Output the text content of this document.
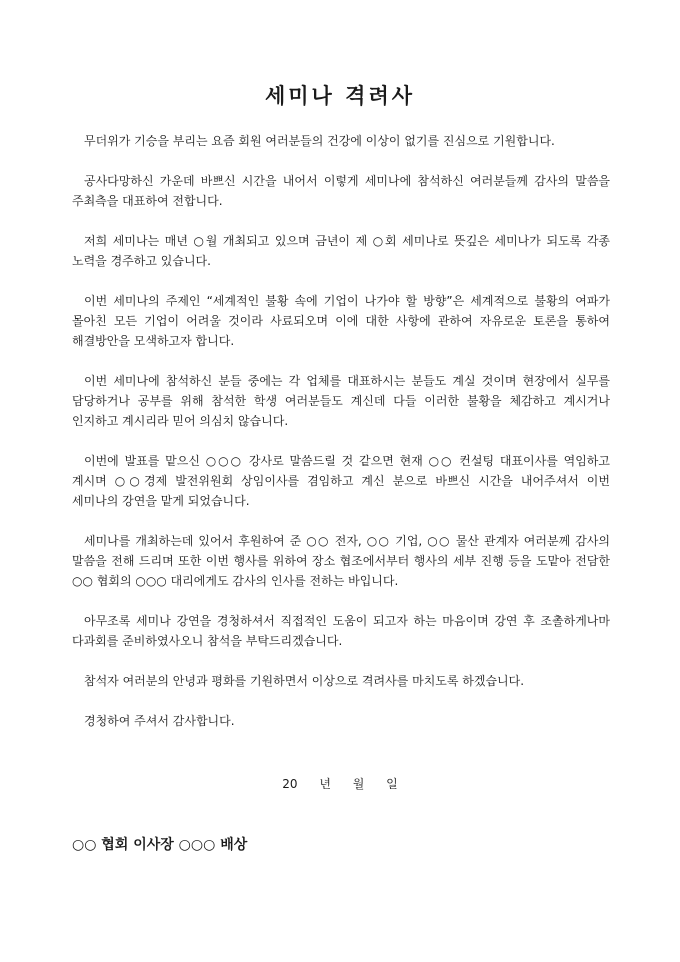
세미나 격려사

무더위가 기승을 부리는 요즘 회원 여러분들의 건강에 이상이 없기를 진심으로 기원합니다.

공사다망하신 가운데 바쁘신 시간을 내어서 이렇게 세미나에 참석하신 여러분들께 감사의 말씀을 주최측을 대표하여 전합니다.

저희 세미나는 매년 ○월 개최되고 있으며 금년이 제 ○회 세미나로 뜻깊은 세미나가 되도록 각종 노력을 경주하고 있습니다.

이번 세미나의 주제인 “세계적인 불황 속에 기업이 나가야 할 방향”은 세계적으로 불황의 여파가 몰아친 모든 기업이 어려울 것이라 사료되오며 이에 대한 사항에 관하여 자유로운 토론을 통하여 해결방안을 모색하고자 합니다.

이번 세미나에 참석하신 분들 중에는 각 업체를 대표하시는 분들도 계실 것이며 현장에서 실무를 담당하거나 공부를 위해 참석한 학생 여러분들도 계신데 다들 이러한 불황을 체감하고 계시거나 인지하고 계시리라 믿어 의심치 않습니다.

이번에 발표를 맡으신 ○○○ 강사로 말씀드릴 것 같으면 현재 ○○ 컨설팅 대표이사를 역임하고 계시며 ○○경제 발전위원회 상임이사를 겸임하고 계신 분으로 바쁘신 시간을 내어주셔서 이번 세미나의 강연을 맡게 되었습니다.

세미나를 개최하는데 있어서 후원하여 준 ○○ 전자, ○○ 기업, ○○ 물산 관계자 여러분께 감사의 말씀을 전해 드리며 또한 이번 행사를 위하여 장소 협조에서부터 행사의 세부 진행 등을 도맡아 전담한 ○○ 협회의 ○○○ 대리에게도 감사의 인사를 전하는 바입니다.

아무조록 세미나 강연을 경청하셔서 직접적인 도움이 되고자 하는 마음이며 강연 후 조촐하게나마 다과회를 준비하였사오니 참석을 부탁드리겠습니다.

참석자 여러분의 안녕과 평화를 기원하면서 이상으로 격려사를 마치도록 하겠습니다.

경청하여 주셔서 감사합니다.

20 년 월 일

○○ 협회 이사장 ○○○ 배상
